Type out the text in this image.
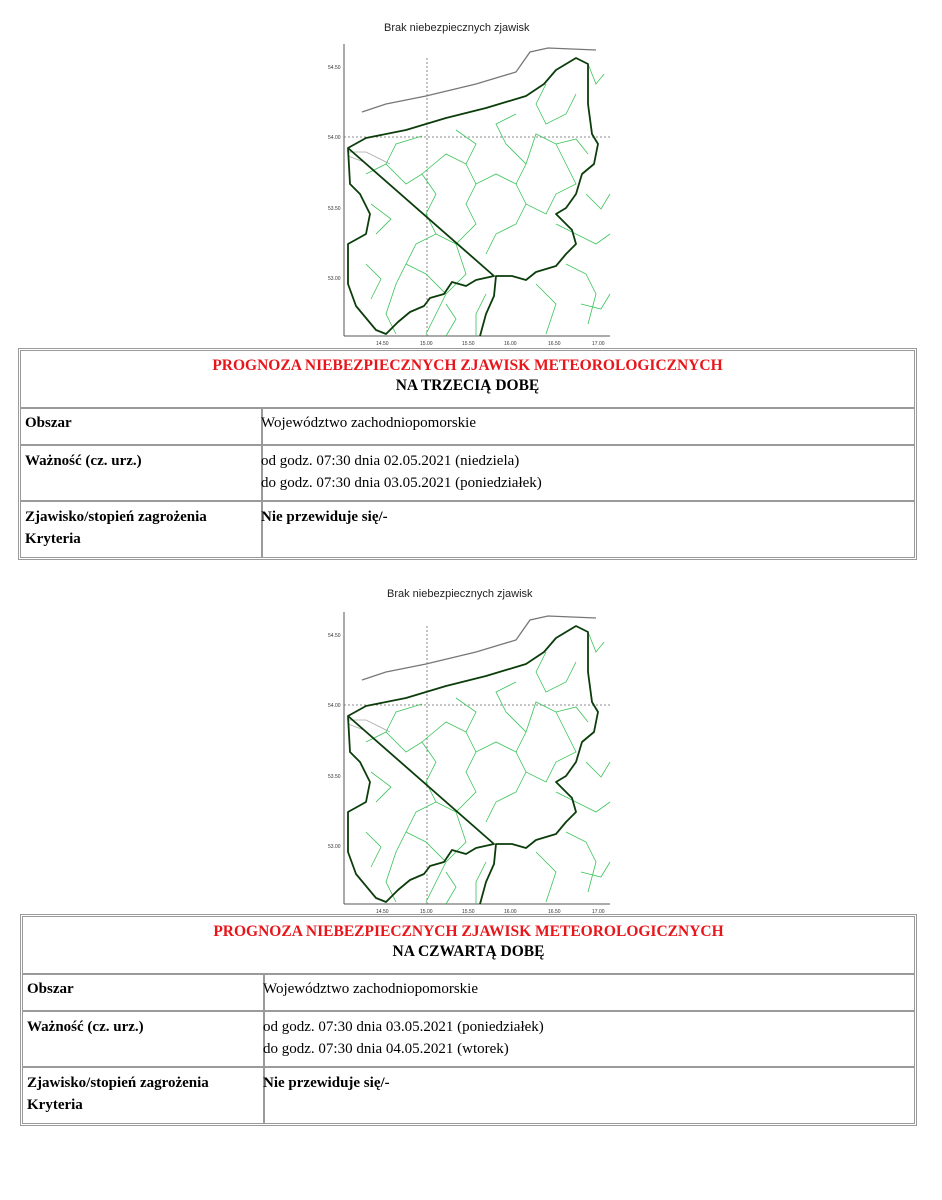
Brak niebezpiecznych zjawisk
54.50
54.00
53.50
53.00
14.50	15.00	15.50	16.00	16.50	17.00
PROGNOZA NIEBEZPIECZNYCH ZJAWISK METEOROLOGICZNYCH
NA TRZECIĄ DOBĘ
Obszar	Województwo zachodniopomorskie
Ważność (cz. urz.)	od godz. 07:30 dnia 02.05.2021 (niedziela)
do godz. 07:30 dnia 03.05.2021 (poniedziałek)
Zjawisko/stopień zagrożenia
Kryteria
Nie przewiduje się/-
Brak niebezpiecznych zjawisk
54.50
54.00
53.50
53.00
14.50	15.00	15.50	16.00	16.50	17.00
PROGNOZA NIEBEZPIECZNYCH ZJAWISK METEOROLOGICZNYCH
NA CZWARTĄ DOBĘ
Obszar	Województwo zachodniopomorskie
Ważność (cz. urz.)	od godz. 07:30 dnia 03.05.2021 (poniedziałek)
do godz. 07:30 dnia 04.05.2021 (wtorek)
Zjawisko/stopień zagrożenia
Kryteria
Nie przewiduje się/-
